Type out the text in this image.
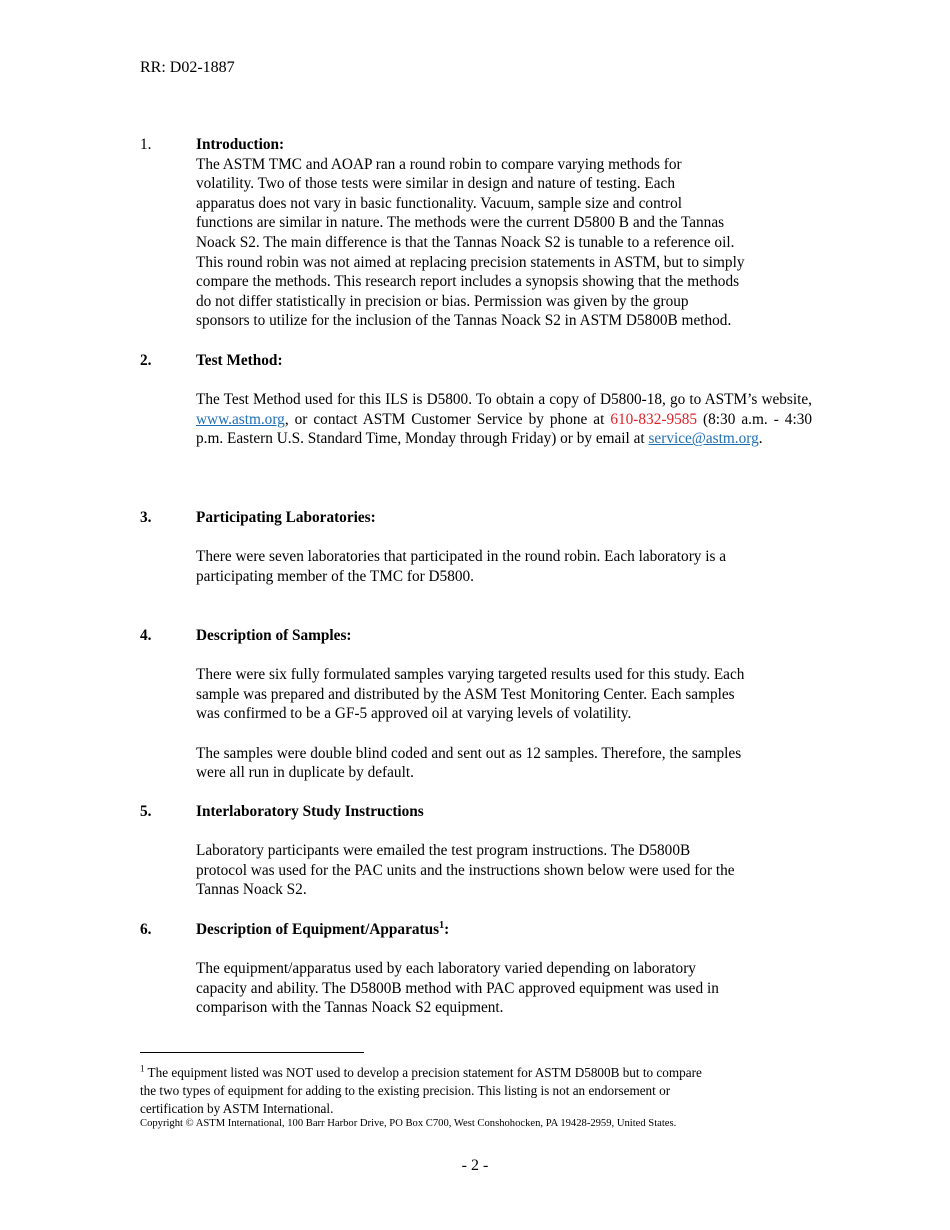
RR: D02-1887
1.	Introduction:
The ASTM TMC and AOAP ran a round robin to compare varying methods for
volatility. Two of those tests were similar in design and nature of testing. Each
apparatus does not vary in basic functionality. Vacuum, sample size and control
functions are similar in nature. The methods were the current D5800 B and the Tannas
Noack S2. The main difference is that the Tannas Noack S2 is tunable to a reference oil.
This round robin was not aimed at replacing precision statements in ASTM, but to simply
compare the methods. This research report includes a synopsis showing that the methods
do not differ statistically in precision or bias. Permission was given by the group
sponsors to utilize for the inclusion of the Tannas Noack S2 in ASTM D5800B method.
2.	Test Method:

The Test Method used for this ILS is D5800. To obtain a copy of D5800-18, go to ASTM’s website, www.astm.org, or contact ASTM Customer Service by phone at 610-832-9585 (8:30 a.m. - 4:30 p.m. Eastern U.S. Standard Time, Monday through Friday) or by email at service@astm.org.

3.	Participating Laboratories:
There were seven laboratories that participated in the round robin. Each laboratory is a
participating member of the TMC for D5800.
4.	Description of Samples:
There were six fully formulated samples varying targeted results used for this study. Each
sample was prepared and distributed by the ASM Test Monitoring Center. Each samples
was confirmed to be a GF-5 approved oil at varying levels of volatility.
The samples were double blind coded and sent out as 12 samples. Therefore, the samples
were all run in duplicate by default.
5.	Interlaboratory Study Instructions
Laboratory participants were emailed the test program instructions. The D5800B
protocol was used for the PAC units and the instructions shown below were used for the
Tannas Noack S2.
6.	Description of Equipment/Apparatus$^1$:
The equipment/apparatus used by each laboratory varied depending on laboratory
capacity and ability. The D5800B method with PAC approved equipment was used in
comparison with the Tannas Noack S2 equipment.
$^1$ The equipment listed was NOT used to develop a precision statement for ASTM D5800B but to compare
the two types of equipment for adding to the existing precision. This listing is not an endorsement or
certification by ASTM International.
Copyright © ASTM International, 100 Barr Harbor Drive, PO Box C700, West Conshohocken, PA 19428-2959, United States.
- 2 -
